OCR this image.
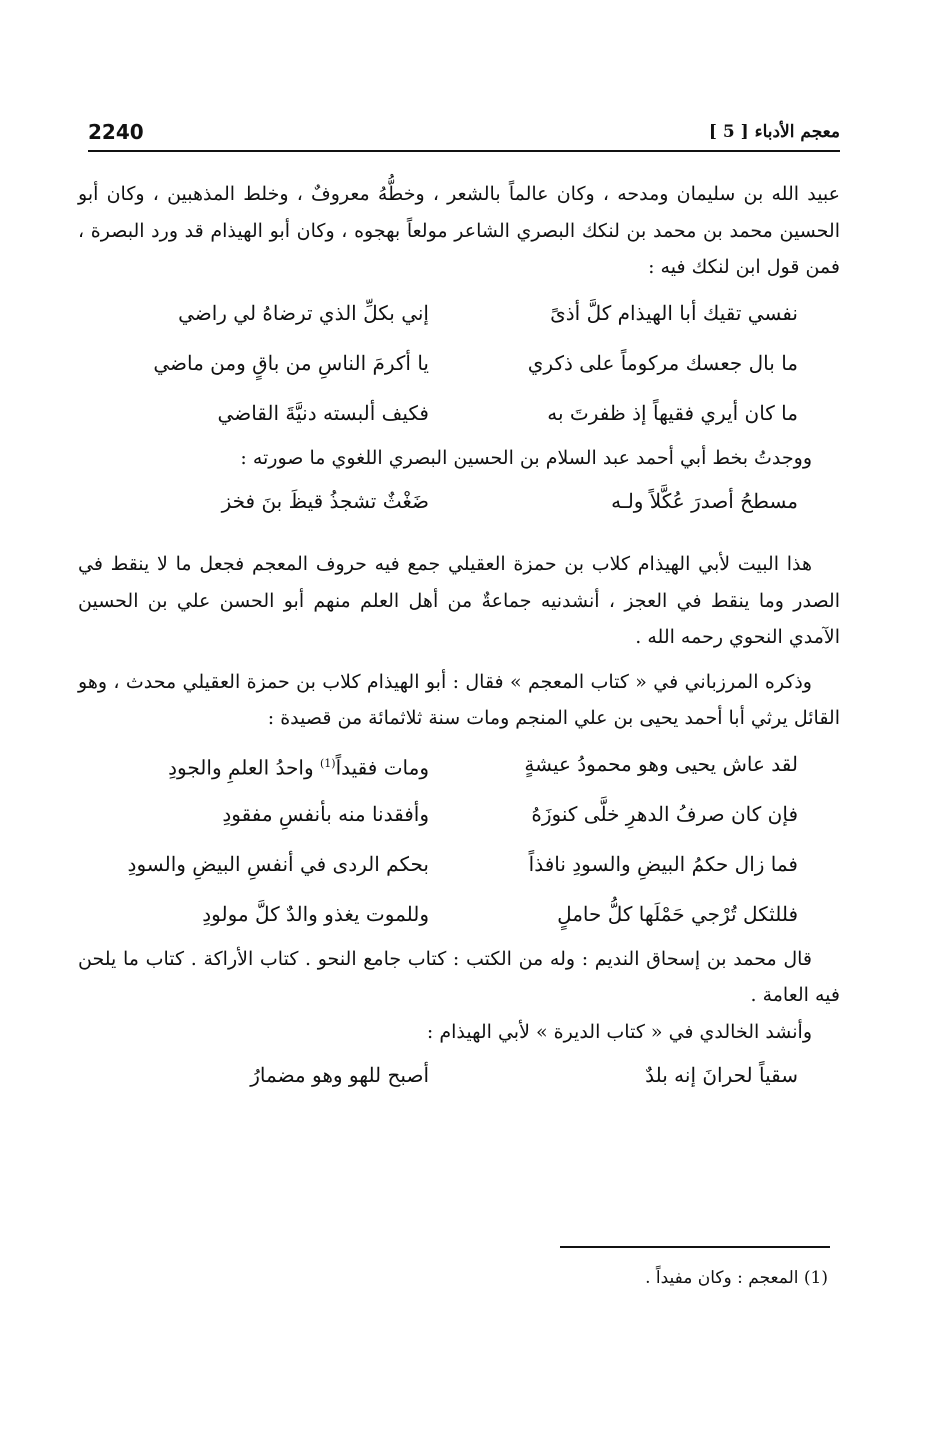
2240	معجم الأدباء [ 5 ]

عبيد الله بن سليمان ومدحه ، وكان عالماً بالشعر ، وخطُّهُ معروفٌ ، وخلط المذهبين ، وكان أبو الحسين محمد بن محمد بن لنكك البصري الشاعر مولعاً بهجوه ، وكان أبو الهيذام قد ورد البصرة ، فمن قول ابن لنكك فيه :

نفسي تقيك أبا الهيذام كلَّ أذىً
إني بكلِّ الذي ترضاهُ لي راضي
ما بال جعسك مركوماً على ذكري
يا أكرمَ الناسِ من باقٍ ومن ماضي
ما كان أيري فقيهاً إذ ظفرتَ به
فكيف ألبسته دنيَّةَ القاضي

ووجدتُ بخط أبي أحمد عبد السلام بن الحسين البصري اللغوي ما صورته :

مسطحُ أصدرَ عُكَّلاً ولـه
ضَغْثٌ تشجذُ قيظَ بنَ فخز

هذا البيت لأبي الهيذام كلاب بن حمزة العقيلي جمع فيه حروف المعجم فجعل ما لا ينقط في الصدر وما ينقط في العجز ، أنشدنيه جماعةٌ من أهل العلم منهم أبو الحسن علي بن الحسين الآمدي النحوي رحمه الله .

وذكره المرزباني في « كتاب المعجم » فقال : أبو الهيذام كلاب بن حمزة العقيلي محدث ، وهو القائل يرثي أبا أحمد يحيى بن علي المنجم ومات سنة ثلاثمائة من قصيدة :

لقد عاش يحيى وهو محمودُ عيشةٍ
ومات فقيداً$^{(1)}$ واحدُ العلمِ والجودِ
فإن كان صرفُ الدهرِ خلَّى كنوزَهُ
وأفقدنا منه بأنفسِ مفقودِ
فما زال حكمُ البيضِ والسودِ نافذاً
بحكم الردى في أنفسِ البيضِ والسودِ
فللثكل تُرْجي حَمْلَها كلُّ حاملٍ
وللموت يغذو والدٌ كلَّ مولودِ

قال محمد بن إسحاق النديم : وله من الكتب : كتاب جامع النحو . كتاب الأراكة . كتاب ما يلحن فيه العامة .

وأنشد الخالدي في « كتاب الديرة » لأبي الهيذام :

سقياً لحرانَ إنه بلدٌ
أصبح للهو وهو مضمارُ
(1) المعجم : وكان مفيداً .
